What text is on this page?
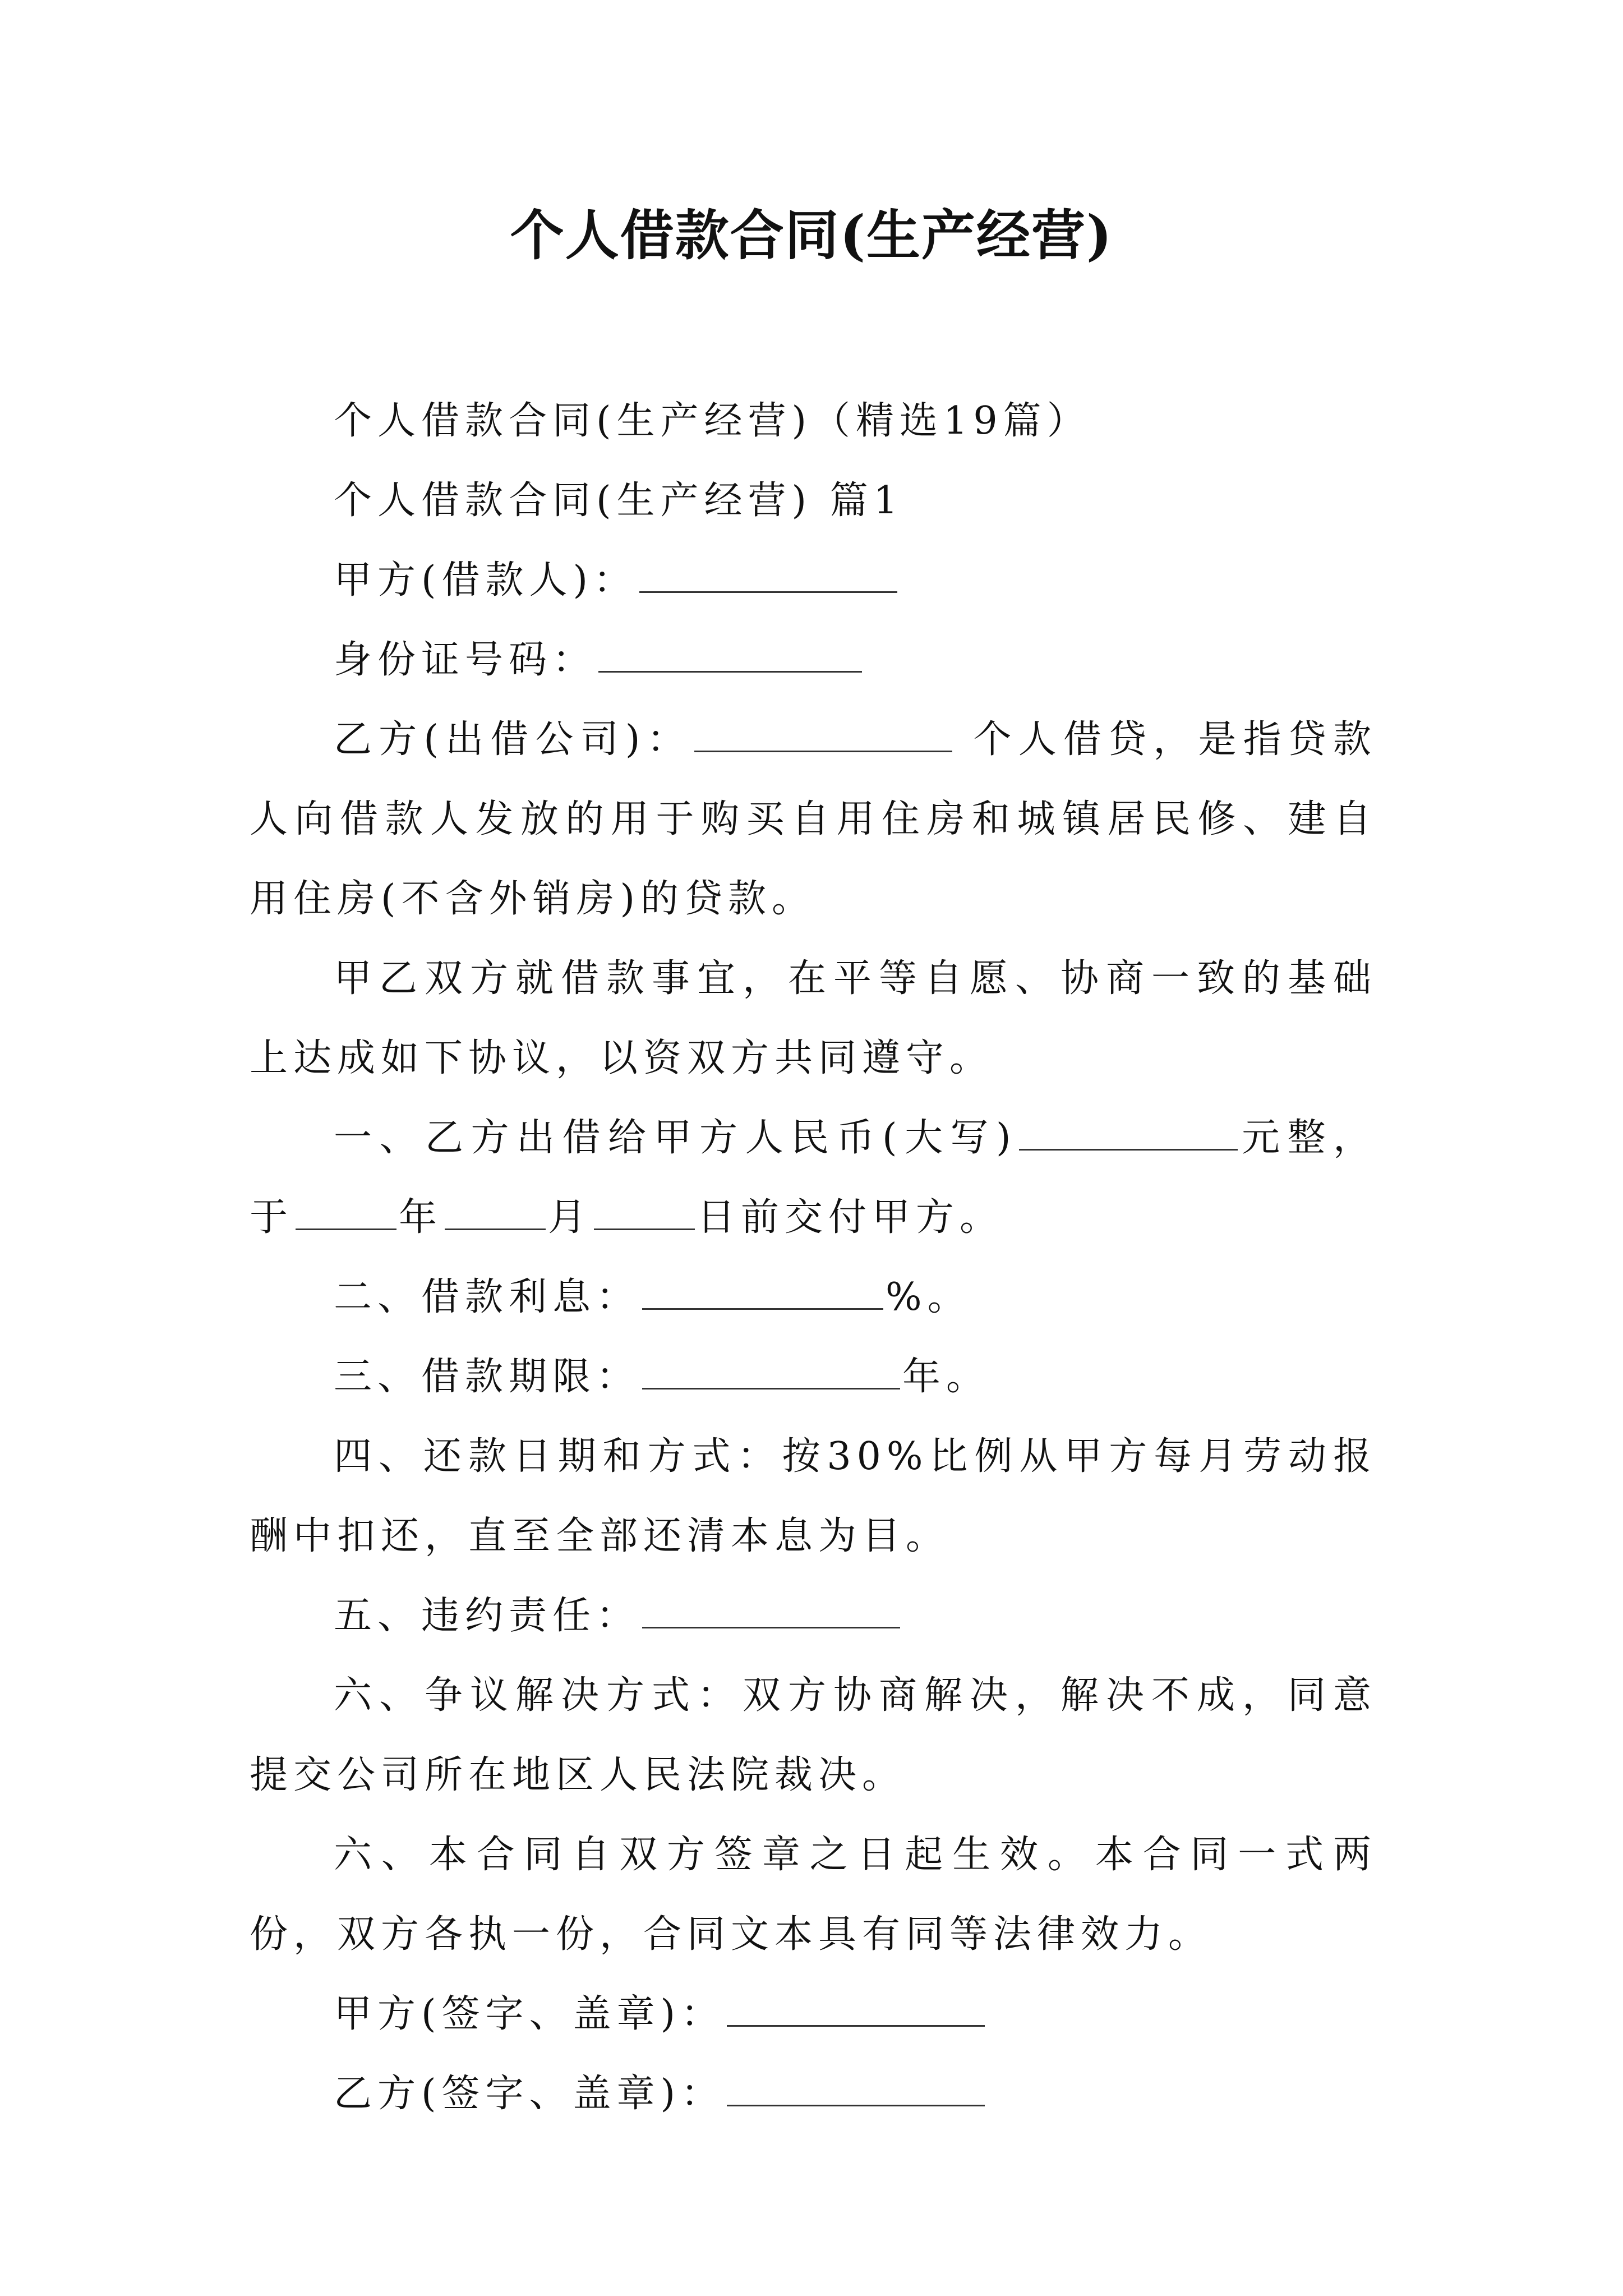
个人借款合同(生产经营)

个人借款合同(生产经营)（精选19篇）

个人借款合同(生产经营) 篇1

甲方(借款人)：

身份证号码：

乙方(出借公司)：	个人借贷，是指贷款人向借款人发放的用于购买自用住房和城镇居民修、建自用住房(不含外销房)的贷款。

甲乙双方就借款事宜，在平等自愿、协商一致的基础上达成如下协议，以资双方共同遵守。

一、乙方出借给甲方人民币(大写)	元整，于	年	月	日前交付甲方。

二、借款利息：	%。

三、借款期限：	年。

四、还款日期和方式：按30%比例从甲方每月劳动报酬中扣还，直至全部还清本息为目。

五、违约责任：

六、争议解决方式：双方协商解决，解决不成，同意提交公司所在地区人民法院裁决。

六、本合同自双方签章之日起生效。本合同一式两份，双方各执一份，合同文本具有同等法律效力。

甲方(签字、盖章)：

乙方(签字、盖章)：
